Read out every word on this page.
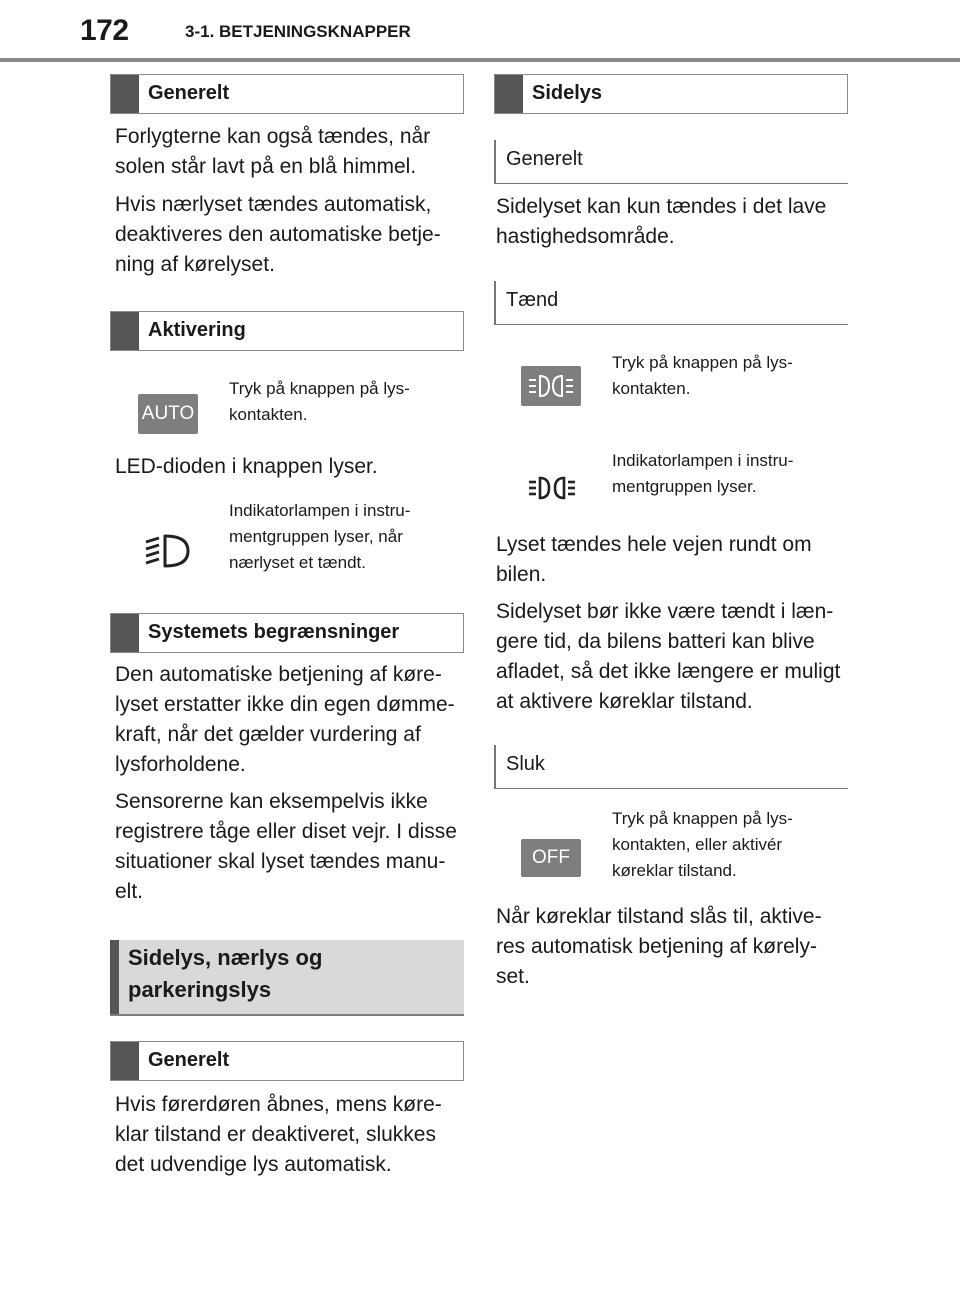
172	3-1. BETJENINGSKNAPPER
Generelt

Forlygterne kan også tændes, når solen står lavt på en blå himmel.

Hvis nærlyset tændes automatisk, deaktiveres den automatiske betjening af kørelyset.

Aktivering
AUTO

Tryk på knappen på lyskontakten.

LED-dioden i knappen lyser.

Indikatorlampen i instrumentgruppen lyser, når nærlyset et tændt.

Systemets begrænsninger

Den automatiske betjening af kørelyset erstatter ikke din egen dømmekraft, når det gælder vurdering af lysforholdene.

Sensorerne kan eksempelvis ikke registrere tåge eller diset vejr. I disse situationer skal lyset tændes manuelt.

Sidelys, nærlys og
parkeringslys

Generelt

Hvis førerdøren åbnes, mens køreklar tilstand er deaktiveret, slukkes det udvendige lys automatisk.

Sidelys
Generelt

Sidelyset kan kun tændes i det lave hastighedsområde.

Tænd

Tryk på knappen på lyskontakten.

Indikatorlampen i instrumentgruppen lyser.

Lyset tændes hele vejen rundt om bilen.

Sidelyset bør ikke være tændt i længere tid, da bilens batteri kan blive afladet, så det ikke længere er muligt at aktivere køreklar tilstand.

Sluk
OFF

Tryk på knappen på lyskontakten, eller aktivér køreklar tilstand.

Når køreklar tilstand slås til, aktiveres automatisk betjening af kørelyset.
